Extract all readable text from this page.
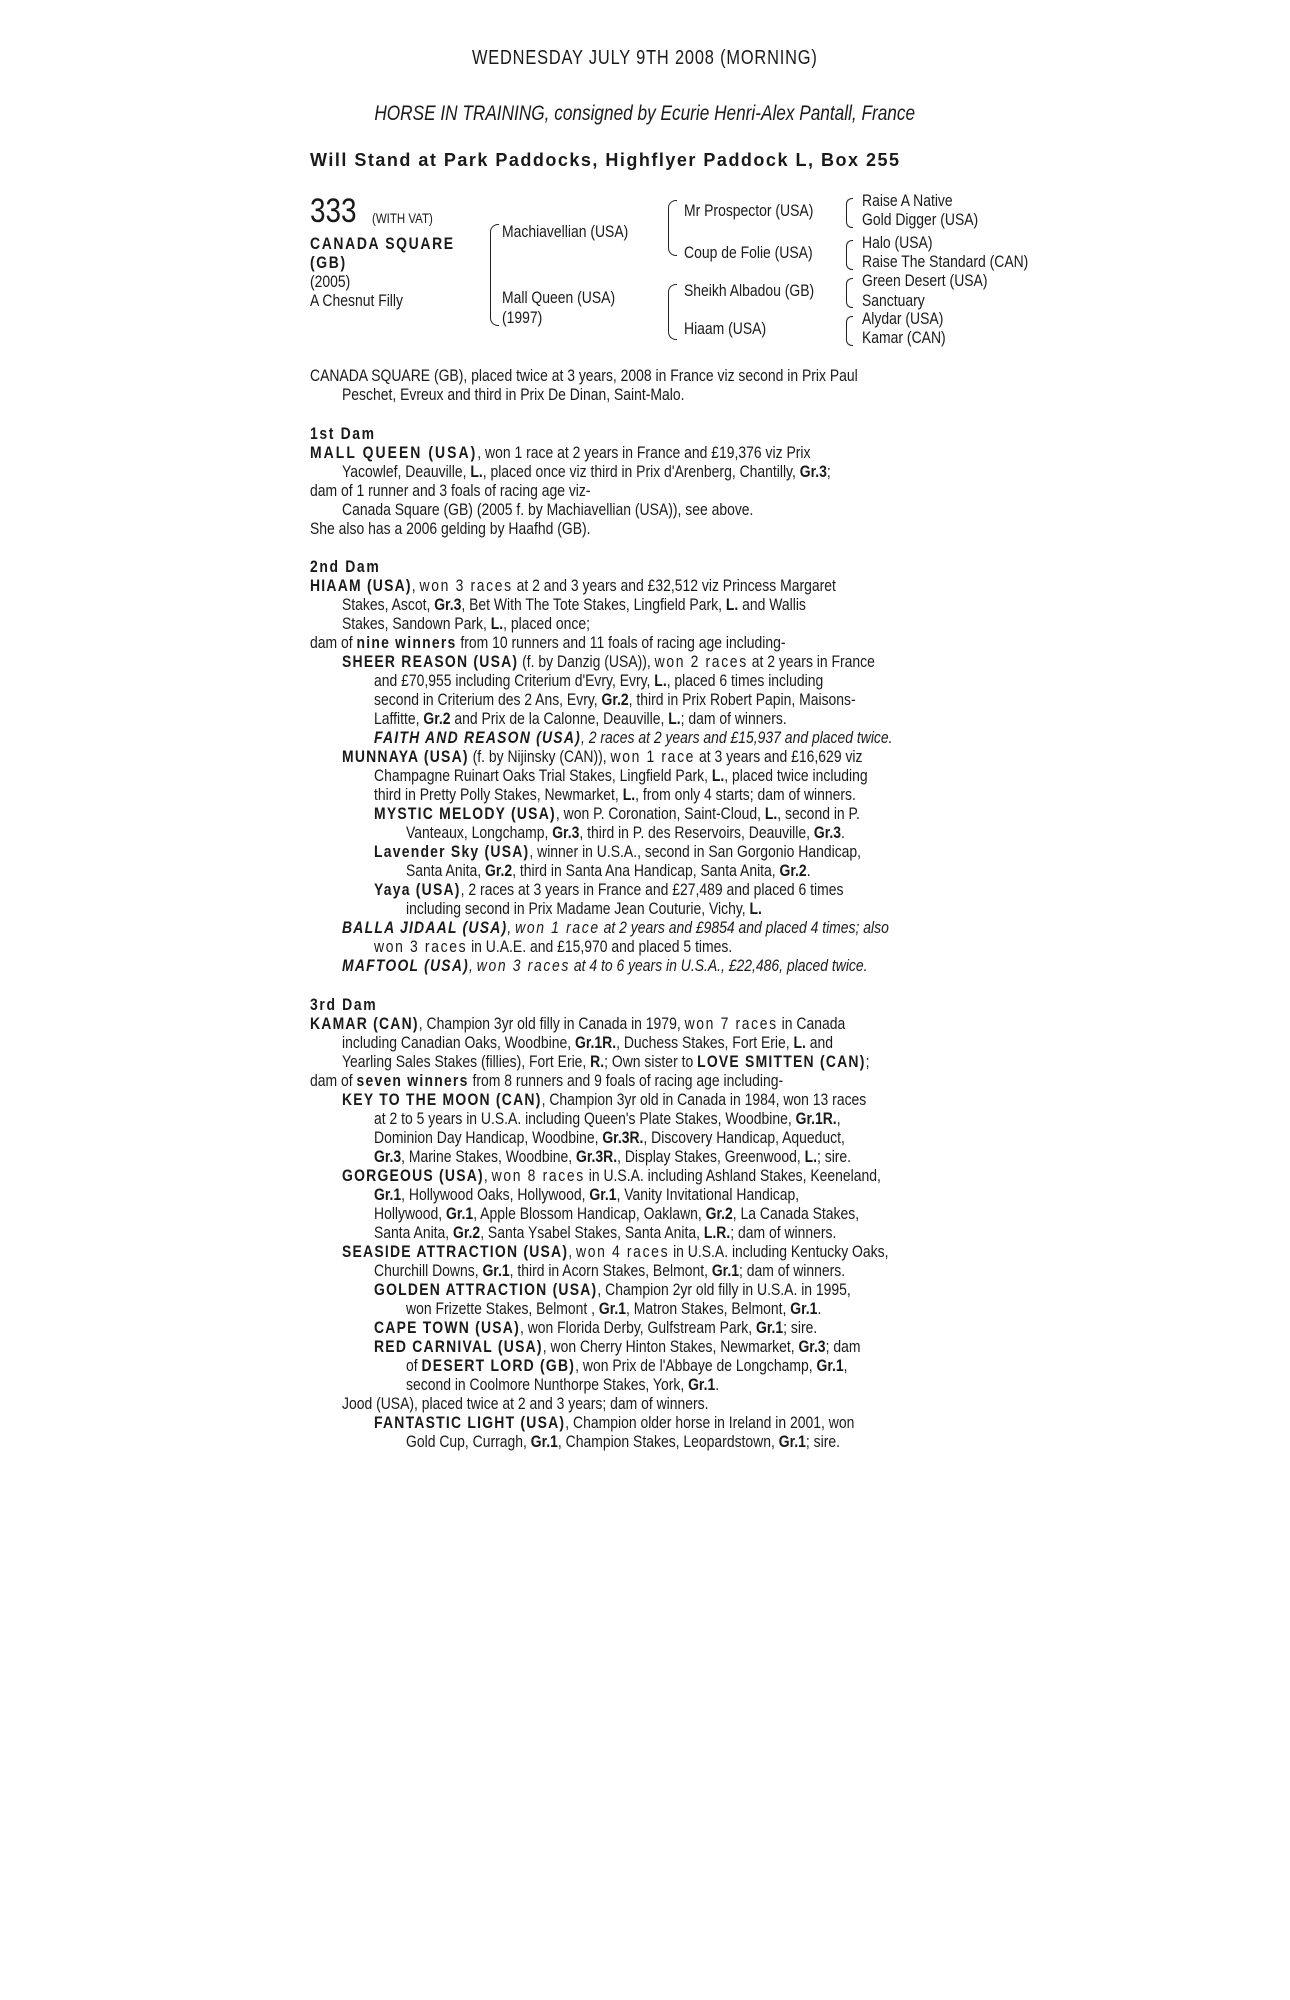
WEDNESDAY JULY 9TH 2008 (MORNING)
HORSE IN TRAINING, consigned by Ecurie Henri-Alex Pantall, France
Will Stand at Park Paddocks, Highflyer Paddock L, Box 255
333	(WITH VAT)
CANADA SQUARE
(GB)
(2005)
A Chesnut Filly
Machiavellian (USA)
Mall Queen (USA)
(1997)
Mr Prospector (USA)
Coup de Folie (USA)
Sheikh Albadou (GB)
Hiaam (USA)
Raise A Native
Gold Digger (USA)
Halo (USA)
Raise The Standard (CAN)
Green Desert (USA)
Sanctuary
Alydar (USA)
Kamar (CAN)
CANADA SQUARE (GB), placed twice at 3 years, 2008 in France viz second in Prix Paul
Peschet, Evreux and third in Prix De Dinan, Saint-Malo.
1st Dam
MALL QUEEN (USA), won 1 race at 2 years in France and £19,376 viz Prix
Yacowlef, Deauville, L., placed once viz third in Prix d'Arenberg, Chantilly, Gr.3;
dam of 1 runner and 3 foals of racing age viz-
Canada Square (GB) (2005 f. by Machiavellian (USA)), see above.
She also has a 2006 gelding by Haafhd (GB).
2nd Dam
HIAAM (USA), won 3 races at 2 and 3 years and £32,512 viz Princess Margaret
Stakes, Ascot, Gr.3, Bet With The Tote Stakes, Lingfield Park, L. and Wallis
Stakes, Sandown Park, L., placed once;
dam of nine winners from 10 runners and 11 foals of racing age including-
SHEER REASON (USA) (f. by Danzig (USA)), won 2 races at 2 years in France
and £70,955 including Criterium d'Evry, Evry, L., placed 6 times including
second in Criterium des 2 Ans, Evry, Gr.2, third in Prix Robert Papin, Maisons-
Laffitte, Gr.2 and Prix de la Calonne, Deauville, L.; dam of winners.
FAITH AND REASON (USA), 2 races at 2 years and £15,937 and placed twice.
MUNNAYA (USA) (f. by Nijinsky (CAN)), won 1 race at 3 years and £16,629 viz
Champagne Ruinart Oaks Trial Stakes, Lingfield Park, L., placed twice including
third in Pretty Polly Stakes, Newmarket, L., from only 4 starts; dam of winners.
MYSTIC MELODY (USA), won P. Coronation, Saint-Cloud, L., second in P.
Vanteaux, Longchamp, Gr.3, third in P. des Reservoirs, Deauville, Gr.3.
Lavender Sky (USA), winner in U.S.A., second in San Gorgonio Handicap,
Santa Anita, Gr.2, third in Santa Ana Handicap, Santa Anita, Gr.2.
Yaya (USA), 2 races at 3 years in France and £27,489 and placed 6 times
including second in Prix Madame Jean Couturie, Vichy, L.
BALLA JIDAAL (USA), won 1 race at 2 years and £9854 and placed 4 times; also
won 3 races in U.A.E. and £15,970 and placed 5 times.
MAFTOOL (USA), won 3 races at 4 to 6 years in U.S.A., £22,486, placed twice.
3rd Dam
KAMAR (CAN), Champion 3yr old filly in Canada in 1979, won 7 races in Canada
including Canadian Oaks, Woodbine, Gr.1R., Duchess Stakes, Fort Erie, L. and
Yearling Sales Stakes (fillies), Fort Erie, R.; Own sister to LOVE SMITTEN (CAN);
dam of seven winners from 8 runners and 9 foals of racing age including-
KEY TO THE MOON (CAN), Champion 3yr old in Canada in 1984, won 13 races
at 2 to 5 years in U.S.A. including Queen's Plate Stakes, Woodbine, Gr.1R.,
Dominion Day Handicap, Woodbine, Gr.3R., Discovery Handicap, Aqueduct,
Gr.3, Marine Stakes, Woodbine, Gr.3R., Display Stakes, Greenwood, L.; sire.
GORGEOUS (USA), won 8 races in U.S.A. including Ashland Stakes, Keeneland,
Gr.1, Hollywood Oaks, Hollywood, Gr.1, Vanity Invitational Handicap,
Hollywood, Gr.1, Apple Blossom Handicap, Oaklawn, Gr.2, La Canada Stakes,
Santa Anita, Gr.2, Santa Ysabel Stakes, Santa Anita, L.R.; dam of winners.
SEASIDE ATTRACTION (USA), won 4 races in U.S.A. including Kentucky Oaks,
Churchill Downs, Gr.1, third in Acorn Stakes, Belmont, Gr.1; dam of winners.
GOLDEN ATTRACTION (USA), Champion 2yr old filly in U.S.A. in 1995,
won Frizette Stakes, Belmont , Gr.1, Matron Stakes, Belmont, Gr.1.
CAPE TOWN (USA), won Florida Derby, Gulfstream Park, Gr.1; sire.
RED CARNIVAL (USA), won Cherry Hinton Stakes, Newmarket, Gr.3; dam
of DESERT LORD (GB), won Prix de l'Abbaye de Longchamp, Gr.1,
second in Coolmore Nunthorpe Stakes, York, Gr.1.
Jood (USA), placed twice at 2 and 3 years; dam of winners.
FANTASTIC LIGHT (USA), Champion older horse in Ireland in 2001, won
Gold Cup, Curragh, Gr.1, Champion Stakes, Leopardstown, Gr.1; sire.
